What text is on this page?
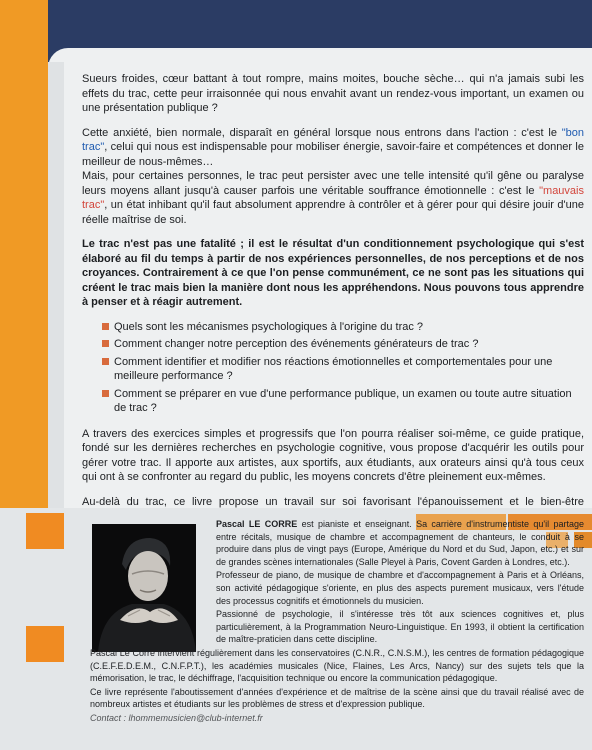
Sueurs froides, cœur battant à tout rompre, mains moites, bouche sèche… qui n'a jamais subi les effets du trac, cette peur irraisonnée qui nous envahit avant un rendez-vous important, un examen ou une présentation publique ?

Cette anxiété, bien normale, disparaît en général lorsque nous entrons dans l'action : c'est le "bon trac", celui qui nous est indispensable pour mobiliser énergie, savoir-faire et compétences et donner le meilleur de nous-mêmes…
Mais, pour certaines personnes, le trac peut persister avec une telle intensité qu'il gêne ou paralyse leurs moyens allant jusqu'à causer parfois une véritable souffrance émotionnelle : c'est le "mauvais trac", un état inhibant qu'il faut absolument apprendre à contrôler et à gérer pour qui désire jouir d'une réelle maîtrise de soi.

Le trac n'est pas une fatalité ; il est le résultat d'un conditionnement psychologique qui s'est élaboré au fil du temps à partir de nos expériences personnelles, de nos perceptions et de nos croyances. Contrairement à ce que l'on pense communément, ce ne sont pas les situations qui créent le trac mais bien la manière dont nous les appréhendons. Nous pouvons tous apprendre à penser et à réagir autrement.

Quels sont les mécanismes psychologiques à l'origine du trac ?
Comment changer notre perception des événements générateurs de trac ?
Comment identifier et modifier nos réactions émotionnelles et comportementales pour une meilleure performance ?
Comment se préparer en vue d'une performance publique, un examen ou toute autre situation de trac ?

A travers des exercices simples et progressifs que l'on pourra réaliser soi-même, ce guide pratique, fondé sur les dernières recherches en psychologie cognitive, vous propose d'acquérir les outils pour gérer votre trac. Il apporte aux artistes, aux sportifs, aux étudiants, aux orateurs ainsi qu'à tous ceux qui ont à se confronter au regard du public, les moyens concrets d'être pleinement eux-mêmes.

Au-delà du trac, ce livre propose un travail sur soi favorisant l'épanouissement et le bien-être

Pascal LE CORRE est pianiste et enseignant. Sa carrière d'instrumentiste qu'il partage entre récitals, musique de chambre et accompagnement de chanteurs, le conduit à se produire dans plus de vingt pays (Europe, Amérique du Nord et du Sud, Japon, etc.) et sur de grandes scènes internationales (Salle Pleyel à Paris, Covent Garden à Londres, etc.).

Professeur de piano, de musique de chambre et d'accompagnement à Paris et à Orléans, son activité pédagogique s'oriente, en plus des aspects purement musicaux, vers l'étude des processus cognitifs et émotionnels du musicien.

Passionné de psychologie, il s'intéresse très tôt aux sciences cognitives et, plus particulièrement, à la Programmation Neuro-Linguistique. En 1993, il obtient la certification de maître-praticien dans cette discipline.

Pascal Le Corre intervient régulièrement dans les conservatoires (C.N.R., C.N.S.M.), les centres de formation pédagogique (C.E.F.E.D.E.M., C.N.F.P.T.), les académies musicales (Nice, Flaines, Les Arcs, Nancy) sur des sujets tels que la mémorisation, le trac, le déchiffrage, l'acquisition technique ou encore la communication pédagogique.

Ce livre représente l'aboutissement d'années d'expérience et de maîtrise de la scène ainsi que du travail réalisé avec de nombreux artistes et étudiants sur les problèmes de stress et d'expression publique.

Contact : lhommemusicien@club-internet.fr
